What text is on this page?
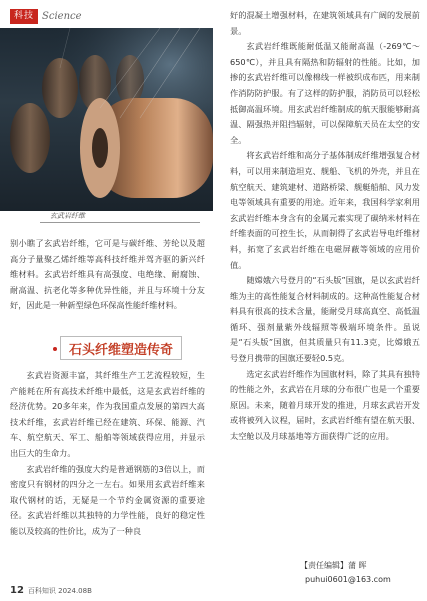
科技 Science
玄武岩纤维

别小瞧了玄武岩纤维，它可是与碳纤维、芳纶以及超高分子量聚乙烯纤维等高科技纤维并驾齐驱的新兴纤维材料。玄武岩纤维具有高强度、电绝缘、耐腐蚀、耐高温、抗老化等多种优异性能，并且与环境十分友好，因此是一种新型绿色环保高性能纤维材料。

石头纤维塑造传奇

玄武岩资源丰富，其纤维生产工艺流程较短，生产能耗在所有高技术纤维中最低，这是玄武岩纤维的经济优势。20多年来，作为我国重点发展的第四大高技术纤维，玄武岩纤维已经在建筑、环保、能源、汽车、航空航天、军工、船舶等领域获得应用，并显示出巨大的生命力。

玄武岩纤维的强度大约是普通钢筋的3倍以上，而密度只有钢材的四分之一左右。如果用玄武岩纤维来取代钢材的话，无疑是一个节约金属资源的重要途径。玄武岩纤维以其独特的力学性能，良好的稳定性能以及较高的性价比，成为了一种良

好的混凝土增强材料，在建筑领域具有广阔的发展前景。

玄武岩纤维既能耐低温又能耐高温（-269℃～650℃），并且具有隔热和防辐射的性能。比如，加掺的玄武岩纤维可以像棉线一样被织成布匹，用来制作消防防护服。有了这样的防护服，消防员可以轻松抵御高温环境。用玄武岩纤维制成的航天服能够耐高温、隔强热并阻挡辐射，可以保障航天员在太空的安全。

将玄武岩纤维和高分子基体制成纤维增强复合材料，可以用来制造坦克、舰船、飞机的外壳，并且在航空航天、建筑建材、道路桥梁、舰艇船舶、风力发电等领域具有重要的用途。近年来，我国科学家利用玄武岩纤维本身含有的金属元素实现了碳纳米材料在纤维表面的可控生长，从而制得了玄武岩导电纤维材料，拓宽了玄武岩纤维在电磁屏蔽等领域的应用价值。

随嫦娥六号登月的“石头版”国旗，是以玄武岩纤维为主的高性能复合材料制成的。这种高性能复合材料具有很高的技术含量，能耐受月球高真空、高低温循环、强剂量紫外线辐照等极端环境条件。虽说是“石头版”国旗，但其质量只有11.3克，比嫦娥五号登月携带的国旗还要轻0.5克。

选定玄武岩纤维作为国旗材料，除了其具有独特的性能之外，玄武岩在月球的分布很广也是一个重要原因。未来，随着月球开发的推进，月球玄武岩开发或将被列入议程，届时，玄武岩纤维有望在航天服、太空舱以及月球基地等方面获得广泛的应用。

【责任编辑】蒲 晖
puhui0601@163.com
12 百科知识 2024.08B
